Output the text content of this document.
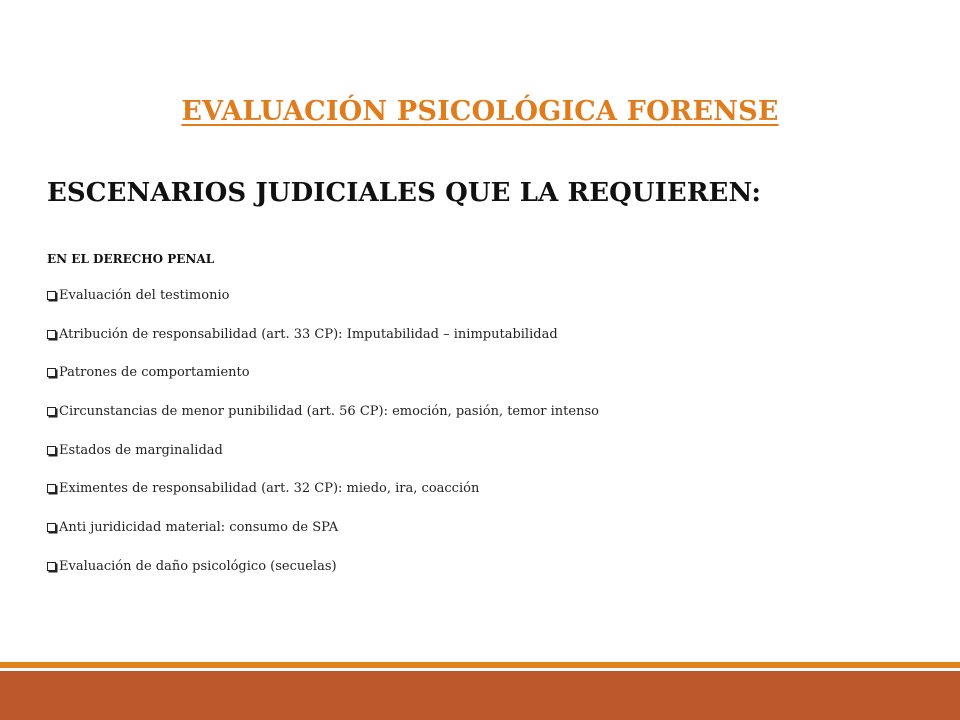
EVALUACIÓN PSICOLÓGICA FORENSE
ESCENARIOS JUDICIALES QUE LA REQUIEREN:
EN EL DERECHO PENAL
Evaluación del testimonio
Atribución de responsabilidad (art. 33 CP): Imputabilidad – inimputabilidad
Patrones de comportamiento
Circunstancias de menor punibilidad (art. 56 CP): emoción, pasión, temor intenso
Estados de marginalidad
Eximentes de responsabilidad (art. 32 CP): miedo, ira, coacción
Anti juridicidad material: consumo de SPA
Evaluación de daño psicológico (secuelas)
